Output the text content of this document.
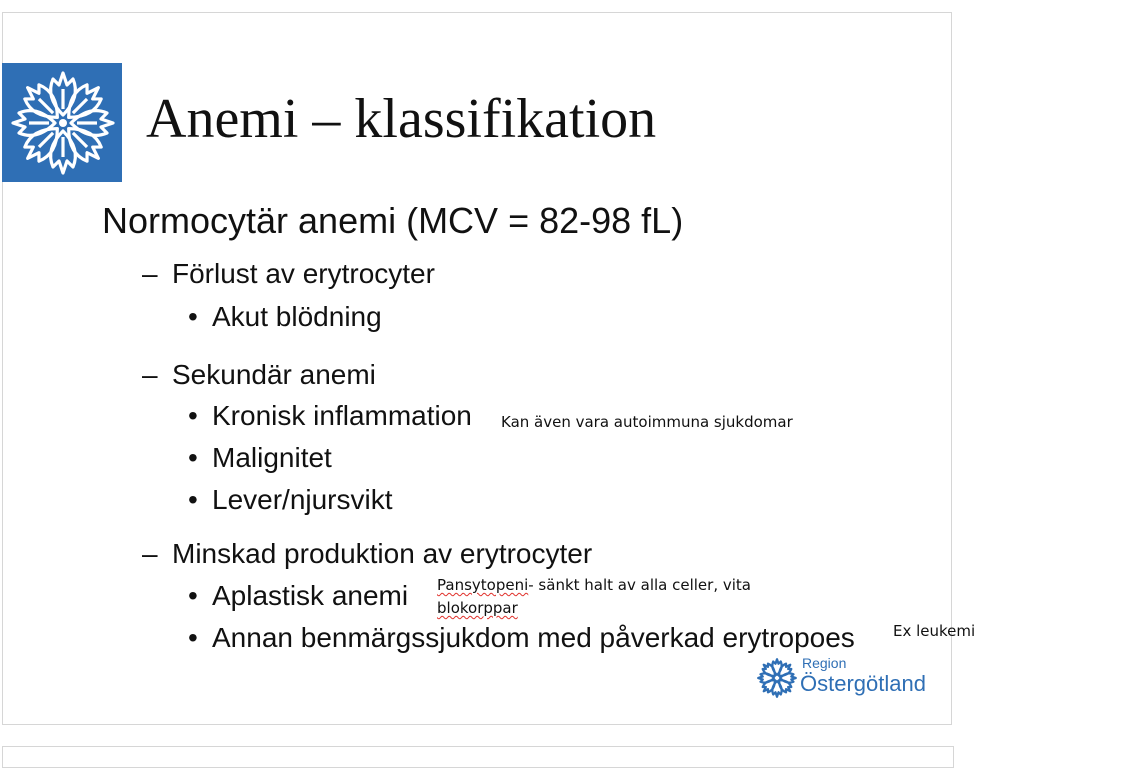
Anemi – klassifikation
Normocytär anemi (MCV = 82-98 fL)
– Förlust av erytrocyter
• Akut blödning
– Sekundär anemi
• Kronisk inflammation
• Malignitet
• Lever/njursvikt
– Minskad produktion av erytrocyter
• Aplastisk anemi
• Annan benmärgssjukdom med påverkad erytropoes
Kan även vara autoimmuna sjukdomar
Pansytopeni- sänkt halt av alla celler, vita
blokorppar
Ex leukemi
Region
Östergötland
